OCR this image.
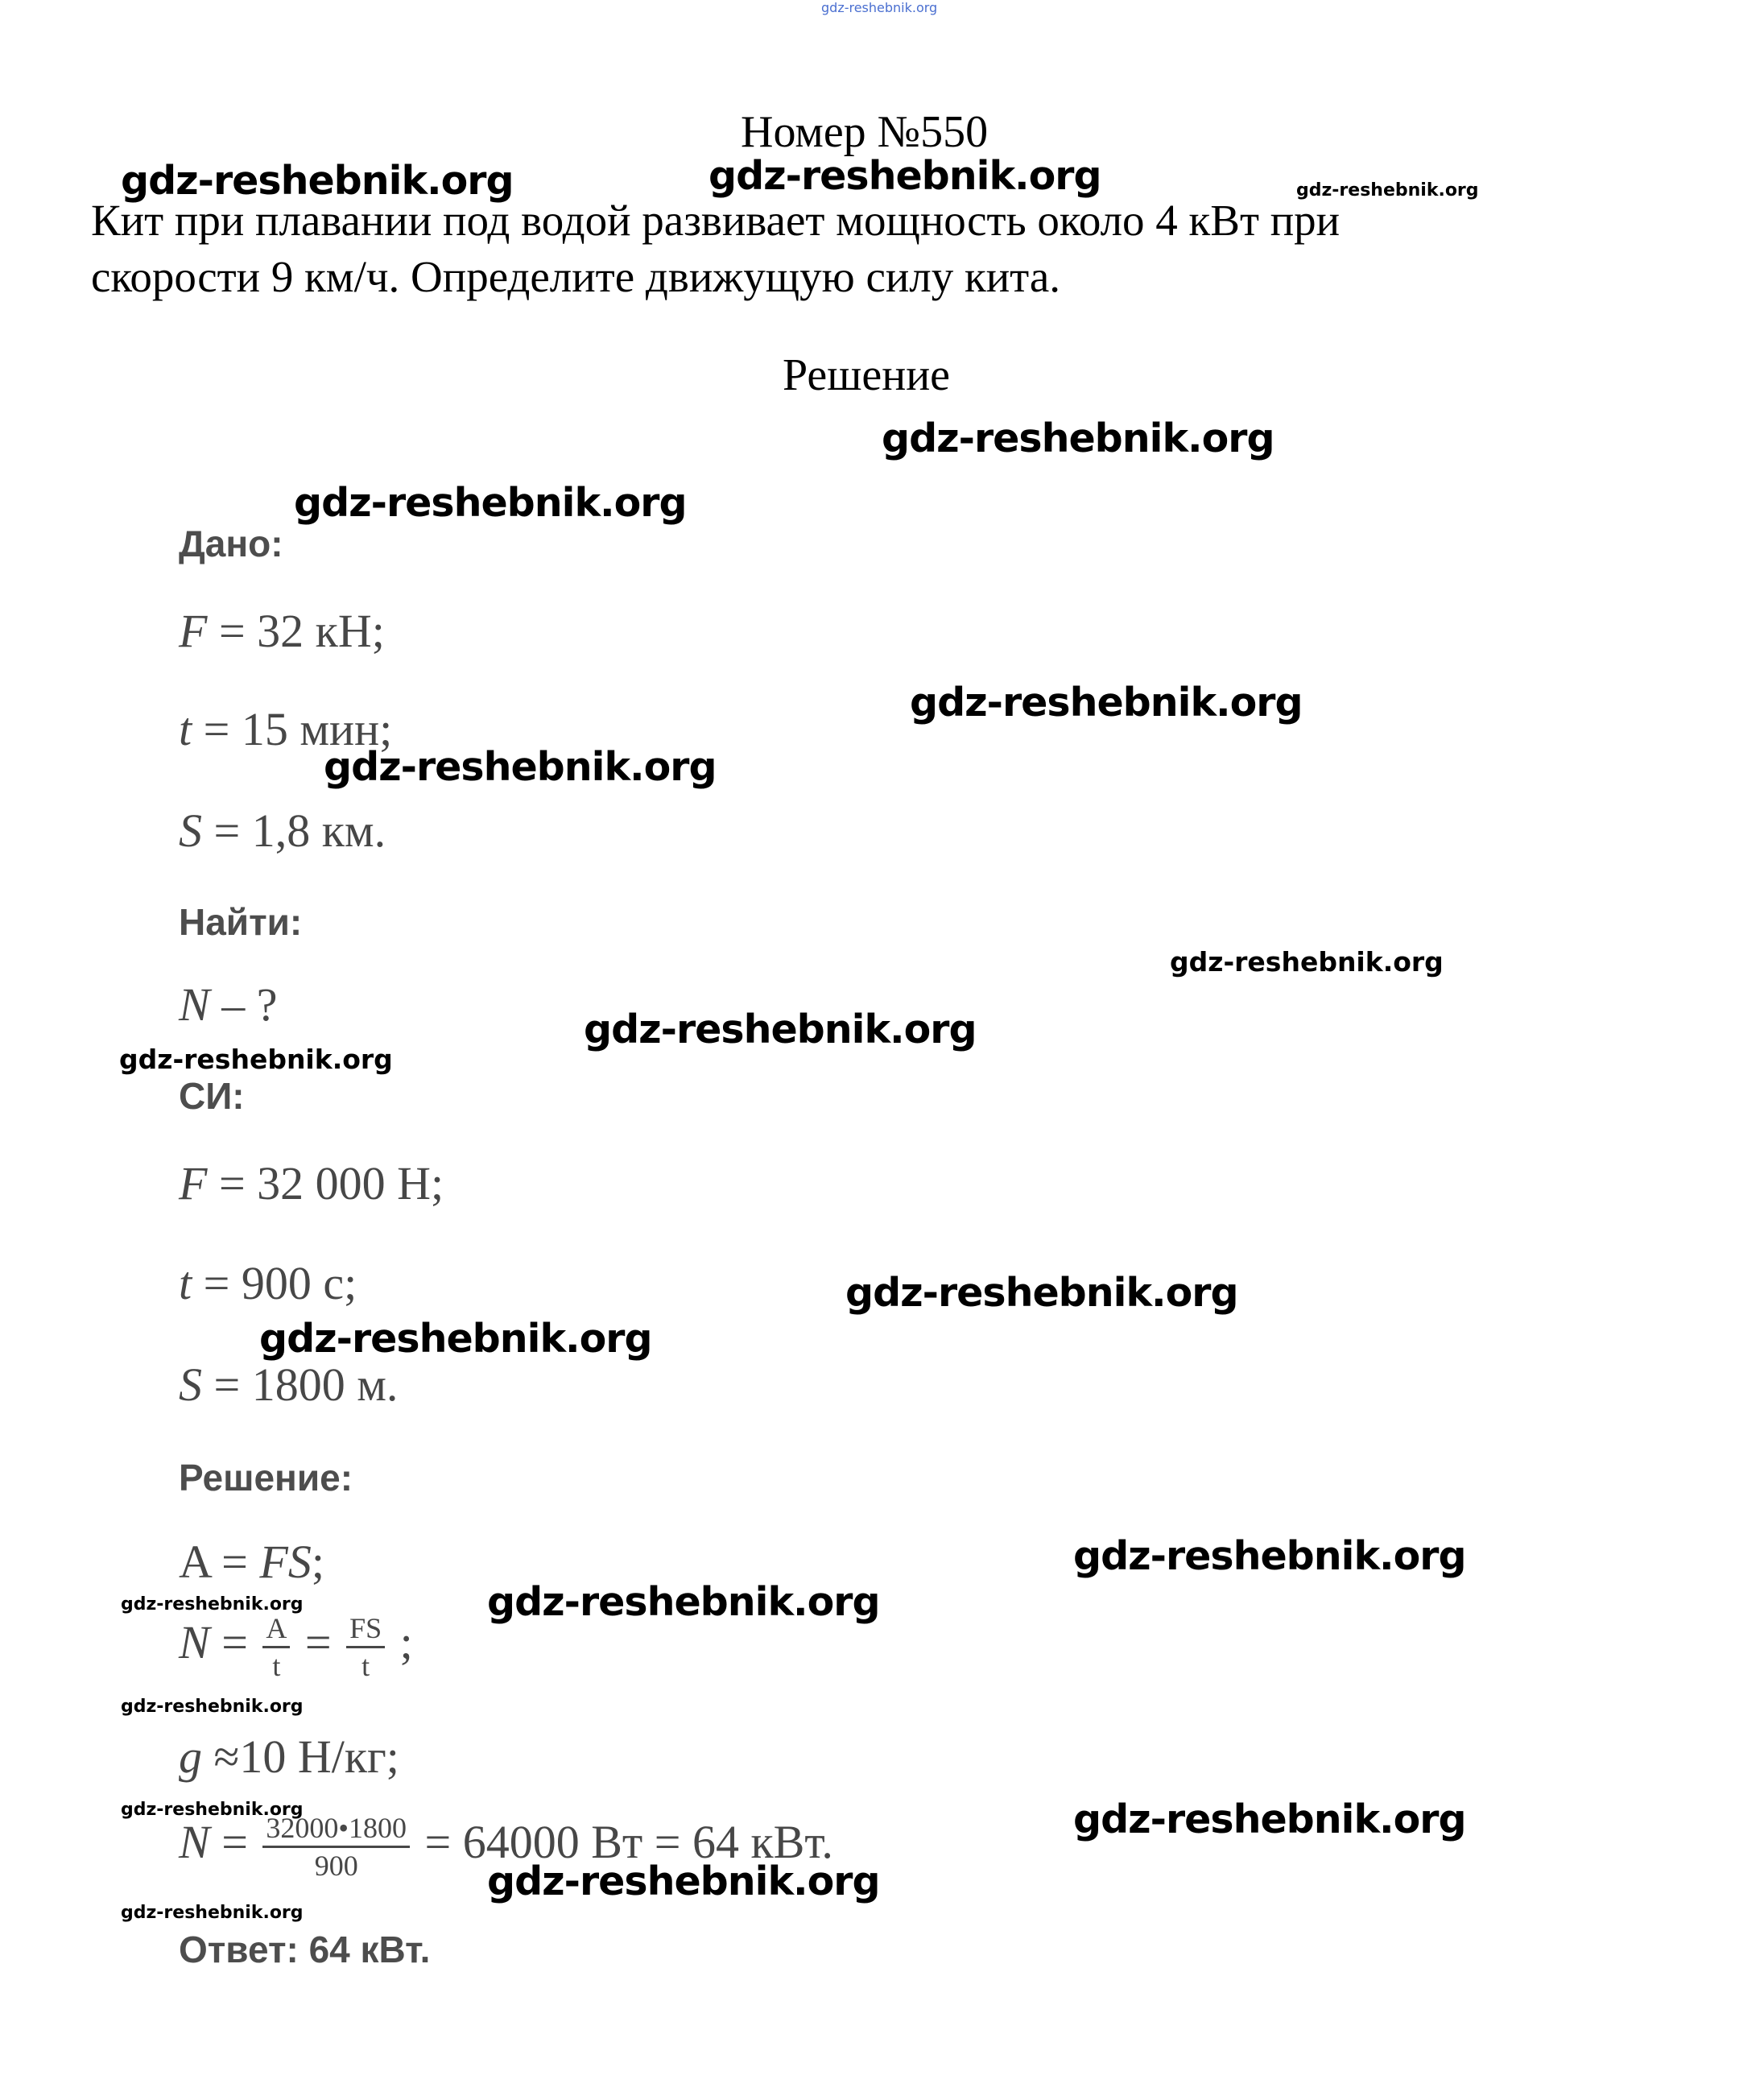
gdz-reshebnik.org
Номер №550
Кит при плавании под водой развивает мощность около 4 кВт при
скорости 9 км/ч. Определите движущую силу кита.
Решение
Дано:
F = 32 кН;
t = 15 мин;
S = 1,8 км.
Найти:
N – ?
СИ:
F = 32 000 Н;
t = 900 с;
S = 1800 м.
Решение:
A = FS;
$N = \frac{A}{t} = \frac{FS}{t}$ ;
g ≈10 Н/кг;
$N = \frac{32000•1800}{900} = 64000$ Вт = 64 кВт.
Ответ: 64 кВт.
gdz-reshebnik.org	gdz-reshebnik.org	gdz-reshebnik.org
gdz-reshebnik.org
gdz-reshebnik.org
gdz-reshebnik.org
gdz-reshebnik.org
gdz-reshebnik.org
gdz-reshebnik.org
gdz-reshebnik.org
gdz-reshebnik.org
gdz-reshebnik.org
gdz-reshebnik.org
gdz-reshebnik.org	gdz-reshebnik.org
gdz-reshebnik.org
gdz-reshebnik.org
gdz-reshebnik.org
gdz-reshebnik.org
gdz-reshebnik.org
